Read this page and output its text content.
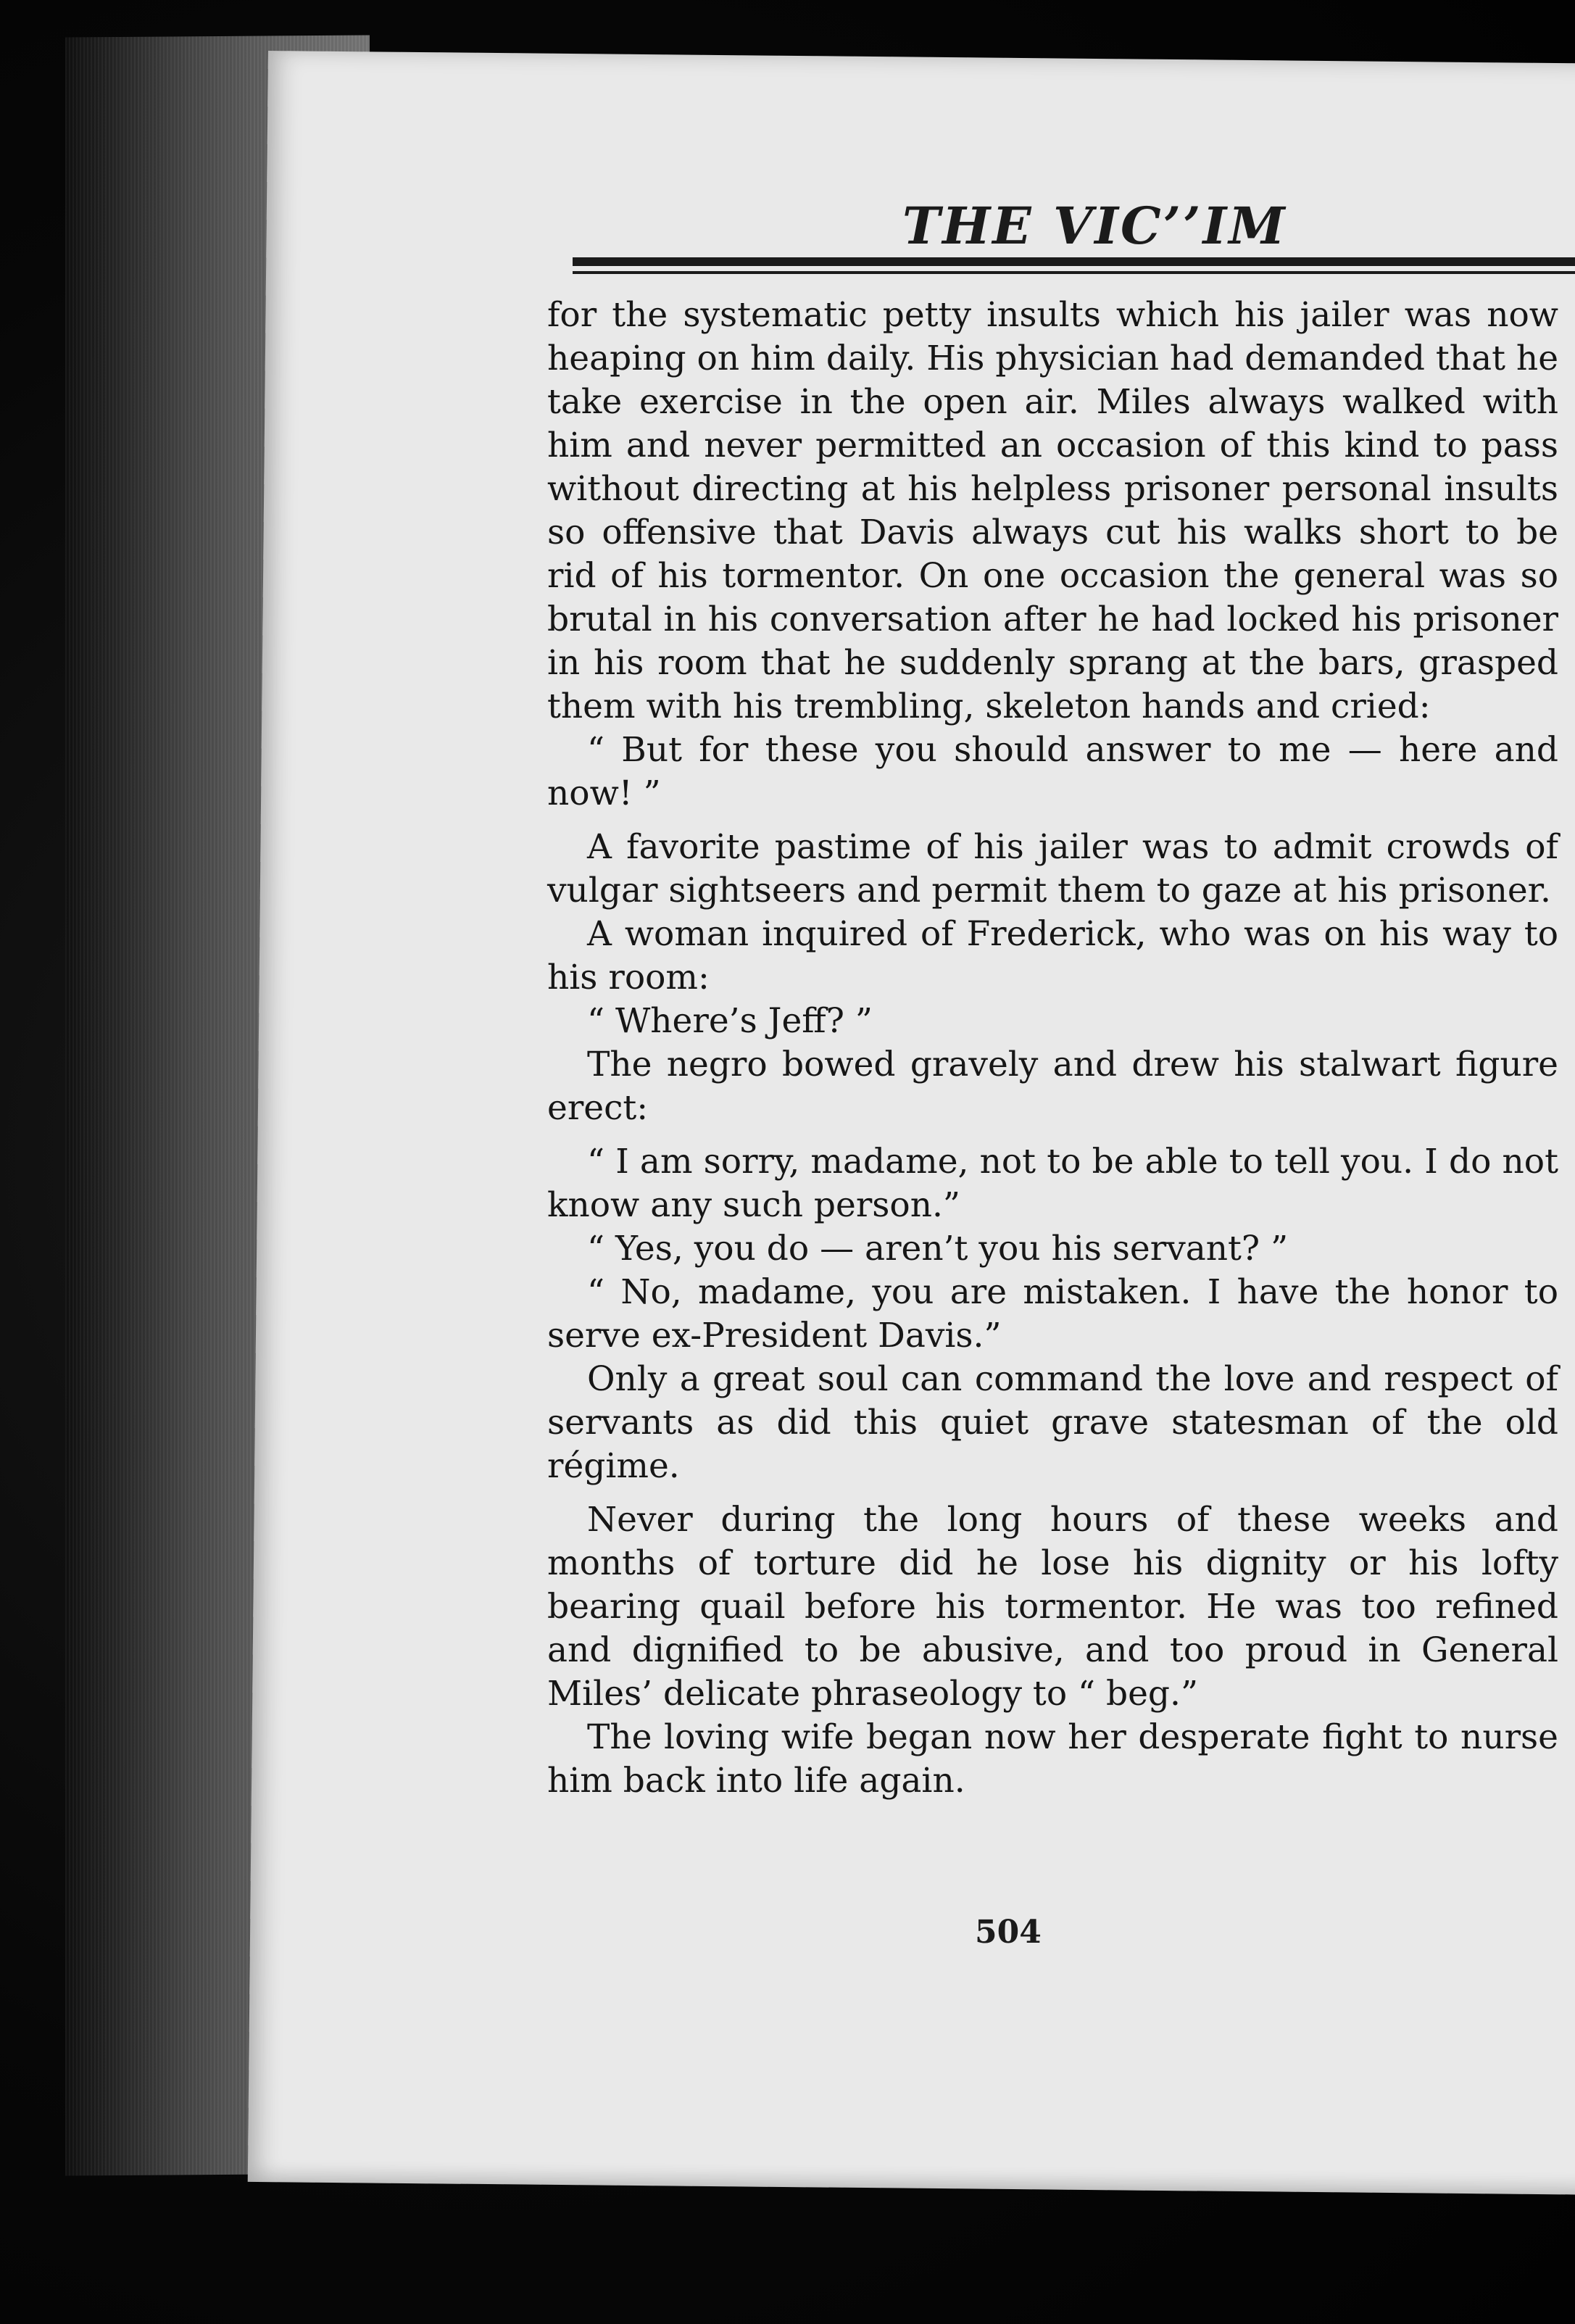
THE VIC’’IM

for the systematic petty insults which his jailer was now heaping on him daily. His physician had demanded that he take exercise in the open air. Miles always walked with him and never permitted an occasion of this kind to pass without directing at his helpless prisoner personal insults so offensive that Davis always cut his walks short to be rid of his tormentor. On one occasion the general was so brutal in his conversation after he had locked his prisoner in his room that he suddenly sprang at the bars, grasped them with his trembling, skeleton hands and cried:

“ But for these you should answer to me — here and now! ”

A favorite pastime of his jailer was to admit crowds of vulgar sightseers and permit them to gaze at his prisoner.

A woman inquired of Frederick, who was on his way to his room:

“ Where’s Jeff? ”

The negro bowed gravely and drew his stalwart figure erect:

“ I am sorry, madame, not to be able to tell you. I do not know any such person.”

“ Yes, you do — aren’t you his servant? ”

“ No, madame, you are mistaken. I have the honor to serve ex-President Davis.”

Only a great soul can command the love and respect of servants as did this quiet grave statesman of the old régime.

Never during the long hours of these weeks and months of torture did he lose his dignity or his lofty bearing quail before his tormentor. He was too refined and dignified to be abusive, and too proud in General Miles’ delicate phraseology to “ beg.”

The loving wife began now her desperate fight to nurse him back into life again.

504
